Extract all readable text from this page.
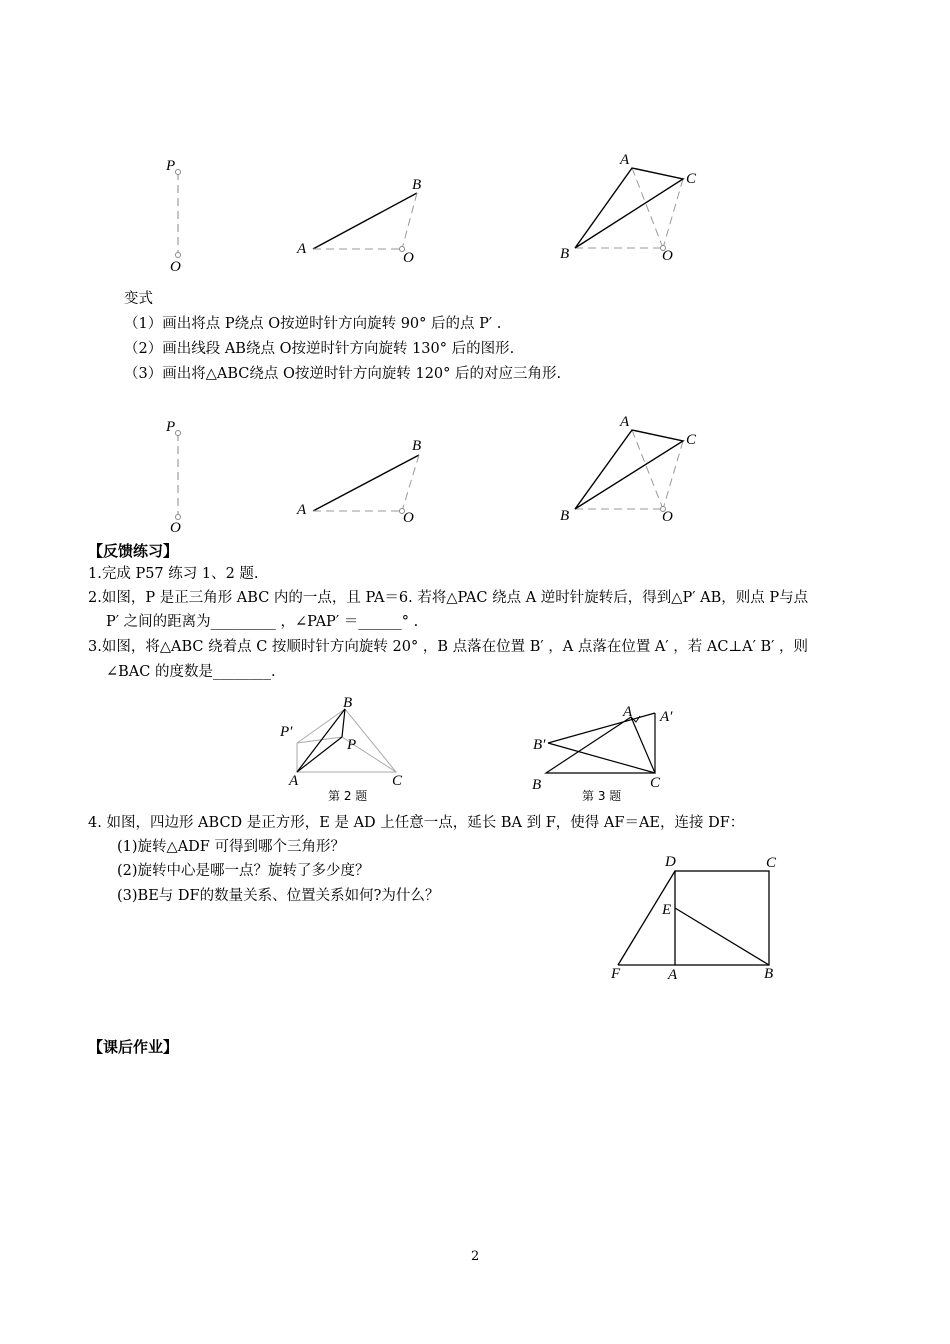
P
O
A
B
O
A
C
B	O
P
O
A
B
O
A
C
B	O
B
P′
P
A	C
第 2 题
A A′
B′
B	C
第 3 题
D	C
E
F	A	B
变式
（1）画出将点 P绕点 O按逆时针方向旋转 90° 后的点 P′ .
（2）画出线段 AB绕点 O按逆时针方向旋转 130° 后的图形.
（3）画出将△ABC绕点 O按逆时针方向旋转 120° 后的对应三角形.
【反馈练习】
1.完成 P57 练习 1、2 题.
2.如图，P 是正三角形 ABC 内的一点，且 PA＝6. 若将△PAC 绕点 A 逆时针旋转后，得到△P′ AB，则点 P与点
P′ 之间的距离为_________ ，∠PAP′ ＝______° .
3.如图，将△ABC 绕着点 C 按顺时针方向旋转 20° ，B 点落在位置 B′ ，A 点落在位置 A′ ，若 AC⊥A′ B′ ，则
∠BAC 的度数是________.
4. 如图，四边形 ABCD 是正方形，E 是 AD 上任意一点，延长 BA 到 F，使得 AF＝AE，连接 DF：
(1)旋转△ADF 可得到哪个三角形？
(2)旋转中心是哪一点？旋转了多少度？
(3)BE与 DF的数量关系、位置关系如何?为什么？
【课后作业】
2
